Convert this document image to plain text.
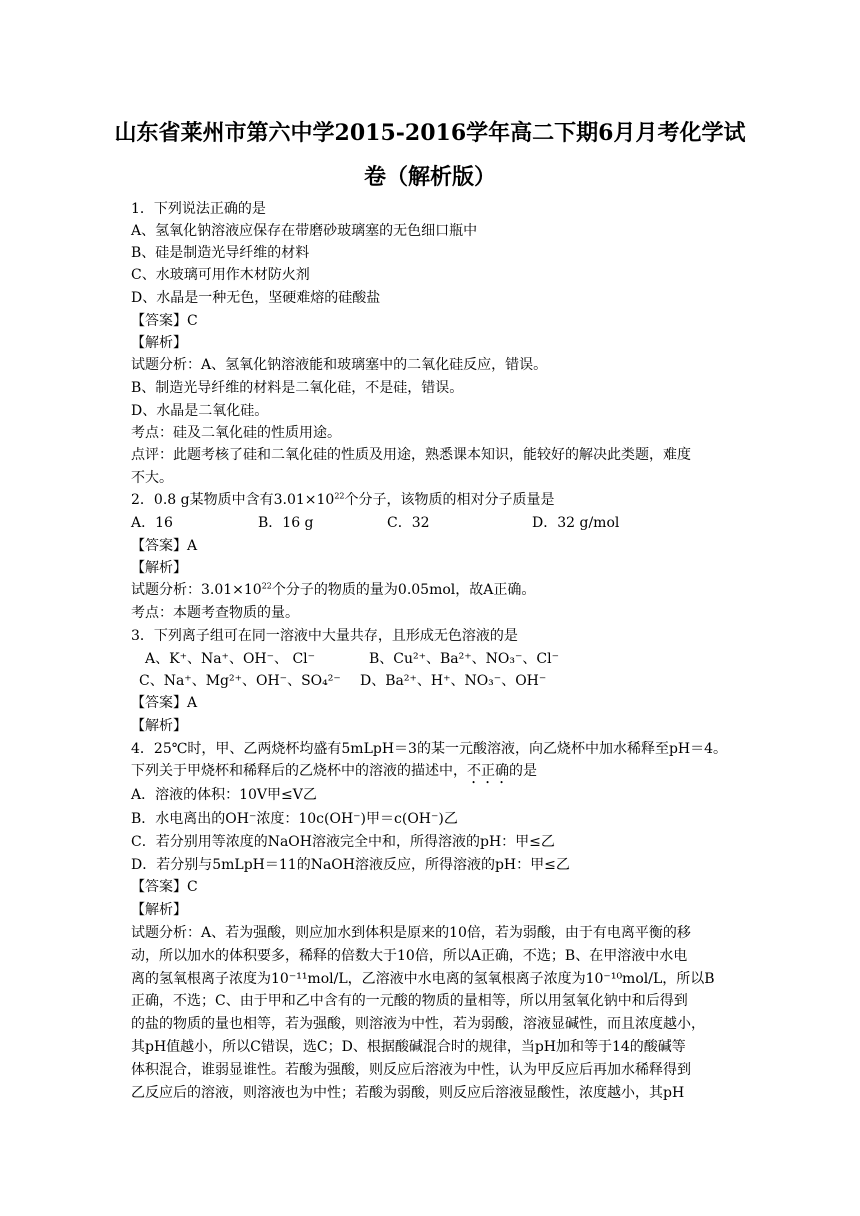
山东省莱州市第六中学2015-2016学年高二下期6月月考化学试
卷（解析版）
1．下列说法正确的是
A、氢氧化钠溶液应保存在带磨砂玻璃塞的无色细口瓶中
B、硅是制造光导纤维的材料
C、水玻璃可用作木材防火剂
D、水晶是一种无色，坚硬难熔的硅酸盐
【答案】C
【解析】
试题分析：A、氢氧化钠溶液能和玻璃塞中的二氧化硅反应，错误。
B、制造光导纤维的材料是二氧化硅，不是硅，错误。
D、水晶是二氧化硅。
考点：硅及二氧化硅的性质用途。
点评：此题考核了硅和二氧化硅的性质及用途，熟悉课本知识，能较好的解决此类题，难度
不大。
2．0.8 g某物质中含有$3.01\times 10^{22}$个分子，该物质的相对分子质量是
A．16	B．16 g	C．32	D．32 g/mol
【答案】A
【解析】
试题分析：$3.01\times 10^{22}$个分子的物质的量为0.05mol，故A正确。
考点：本题考查物质的量。
3．下列离子组可在同一溶液中大量共存，且形成无色溶液的是
A、K⁺、Na⁺、OH⁻、 Cl⁻	B、Cu²⁺、Ba²⁺、NO₃⁻、Cl⁻
C、Na⁺、Mg²⁺、OH⁻、SO₄²⁻ D、Ba²⁺、H⁺、NO₃⁻、OH⁻
【答案】A
【解析】
4．25℃时，甲、乙两烧杯均盛有5mLpH＝3的某一元酸溶液，向乙烧杯中加水稀释至pH＝4。
下列关于甲烧杯和稀释后的乙烧杯中的溶液的描述中，不正确的是
A．溶液的体积：10V甲≤V乙
B．水电离出的OH⁻浓度：10c(OH⁻)甲＝c(OH⁻)乙
C．若分别用等浓度的NaOH溶液完全中和，所得溶液的pH：甲≤乙
D．若分别与5mLpH＝11的NaOH溶液反应，所得溶液的pH：甲≤乙
【答案】C
【解析】
试题分析：A、若为强酸，则应加水到体积是原来的10倍，若为弱酸，由于有电离平衡的移
动，所以加水的体积要多，稀释的倍数大于10倍，所以A正确，不选；B、在甲溶液中水电
离的氢氧根离子浓度为10⁻¹¹mol/L，乙溶液中水电离的氢氧根离子浓度为10⁻¹⁰mol/L，所以B
正确，不选；C、由于甲和乙中含有的一元酸的物质的量相等，所以用氢氧化钠中和后得到
的盐的物质的量也相等，若为强酸，则溶液为中性，若为弱酸，溶液显碱性，而且浓度越小，
其pH值越小，所以C错误，选C；D、根据酸碱混合时的规律，当pH加和等于14的酸碱等
体积混合，谁弱显谁性。若酸为强酸，则反应后溶液为中性，认为甲反应后再加水稀释得到
乙反应后的溶液，则溶液也为中性；若酸为弱酸，则反应后溶液显酸性，浓度越小，其pH
